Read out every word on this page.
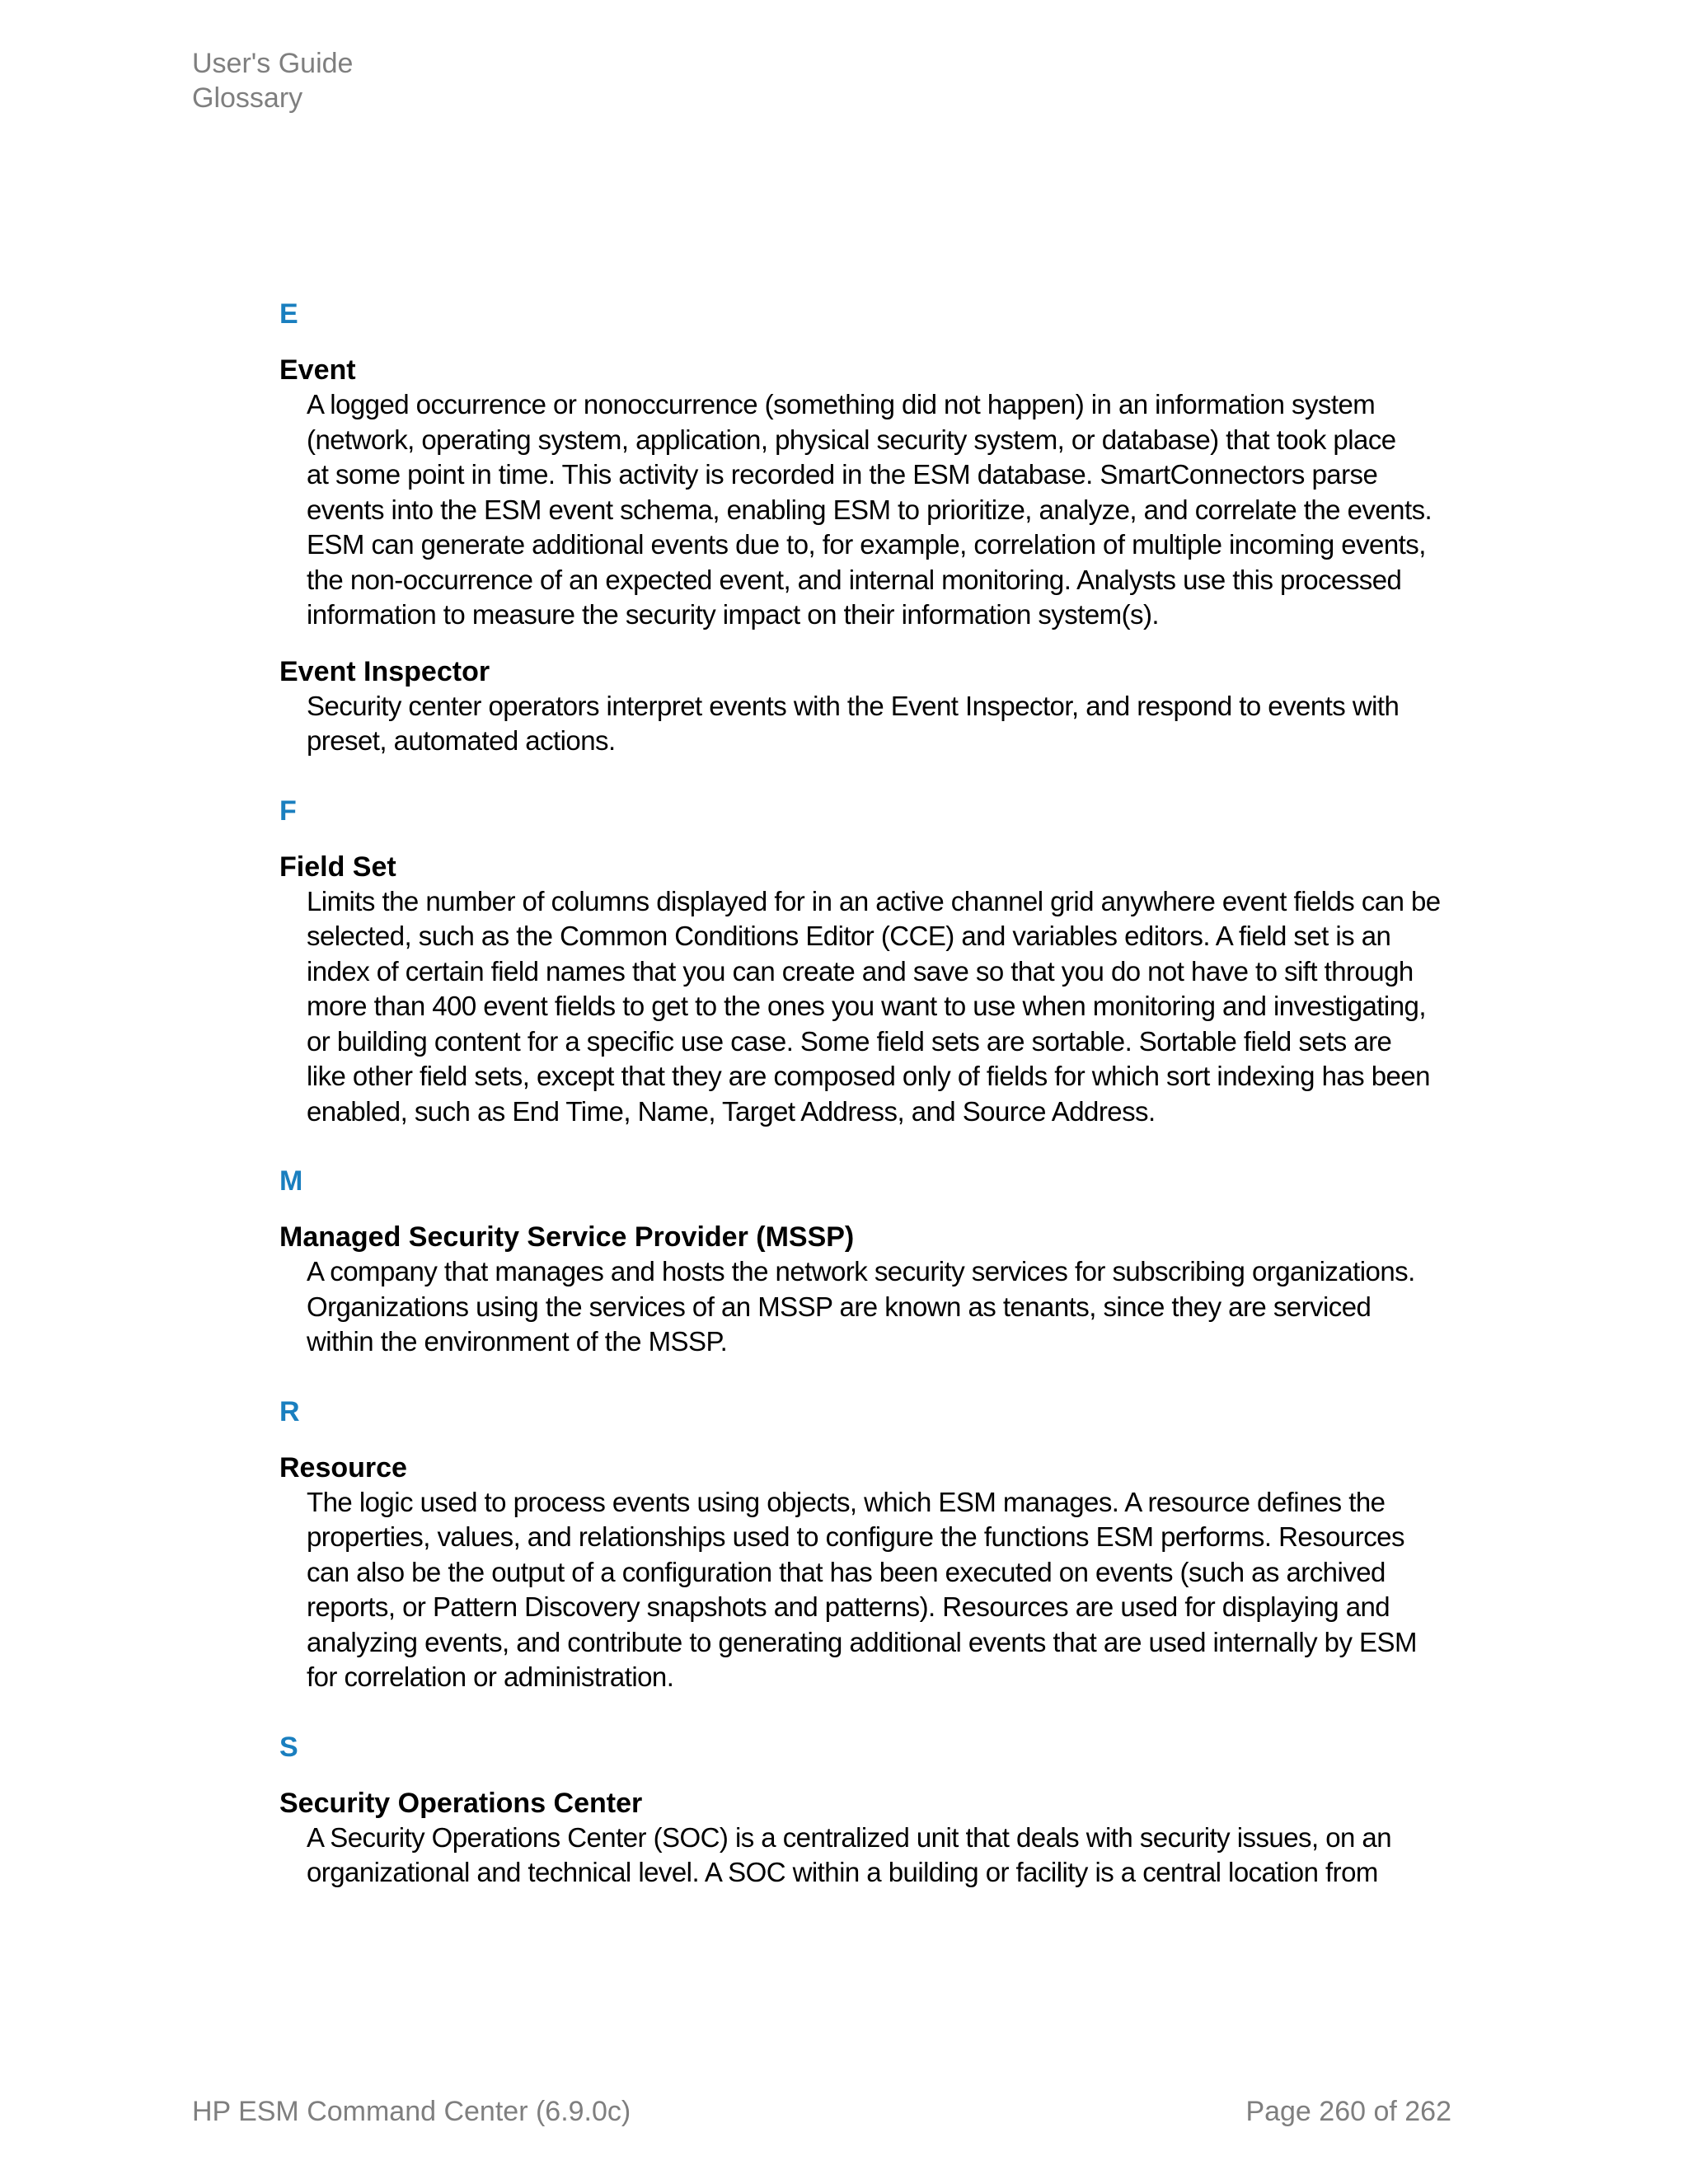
User's Guide
Glossary
E
Event
A logged occurrence or nonoccurrence (something did not happen) in an information system
(network, operating system, application, physical security system, or database) that took place
at some point in time. This activity is recorded in the ESM database. SmartConnectors parse
events into the ESM event schema, enabling ESM to prioritize, analyze, and correlate the events.
ESM can generate additional events due to, for example, correlation of multiple incoming events,
the non-occurrence of an expected event, and internal monitoring. Analysts use this processed
information to measure the security impact on their information system(s).
Event Inspector
Security center operators interpret events with the Event Inspector, and respond to events with
preset, automated actions.
F
Field Set
Limits the number of columns displayed for in an active channel grid anywhere event fields can be
selected, such as the Common Conditions Editor (CCE) and variables editors. A field set is an
index of certain field names that you can create and save so that you do not have to sift through
more than 400 event fields to get to the ones you want to use when monitoring and investigating,
or building content for a specific use case. Some field sets are sortable. Sortable field sets are
like other field sets, except that they are composed only of fields for which sort indexing has been
enabled, such as End Time, Name, Target Address, and Source Address.
M
Managed Security Service Provider (MSSP)
A company that manages and hosts the network security services for subscribing organizations.
Organizations using the services of an MSSP are known as tenants, since they are serviced
within the environment of the MSSP.
R
Resource
The logic used to process events using objects, which ESM manages. A resource defines the
properties, values, and relationships used to configure the functions ESM performs. Resources
can also be the output of a configuration that has been executed on events (such as archived
reports, or Pattern Discovery snapshots and patterns). Resources are used for displaying and
analyzing events, and contribute to generating additional events that are used internally by ESM
for correlation or administration.
S
Security Operations Center
A Security Operations Center (SOC) is a centralized unit that deals with security issues, on an
organizational and technical level. A SOC within a building or facility is a central location from
HP ESM Command Center (6.9.0c)	Page 260 of 262
